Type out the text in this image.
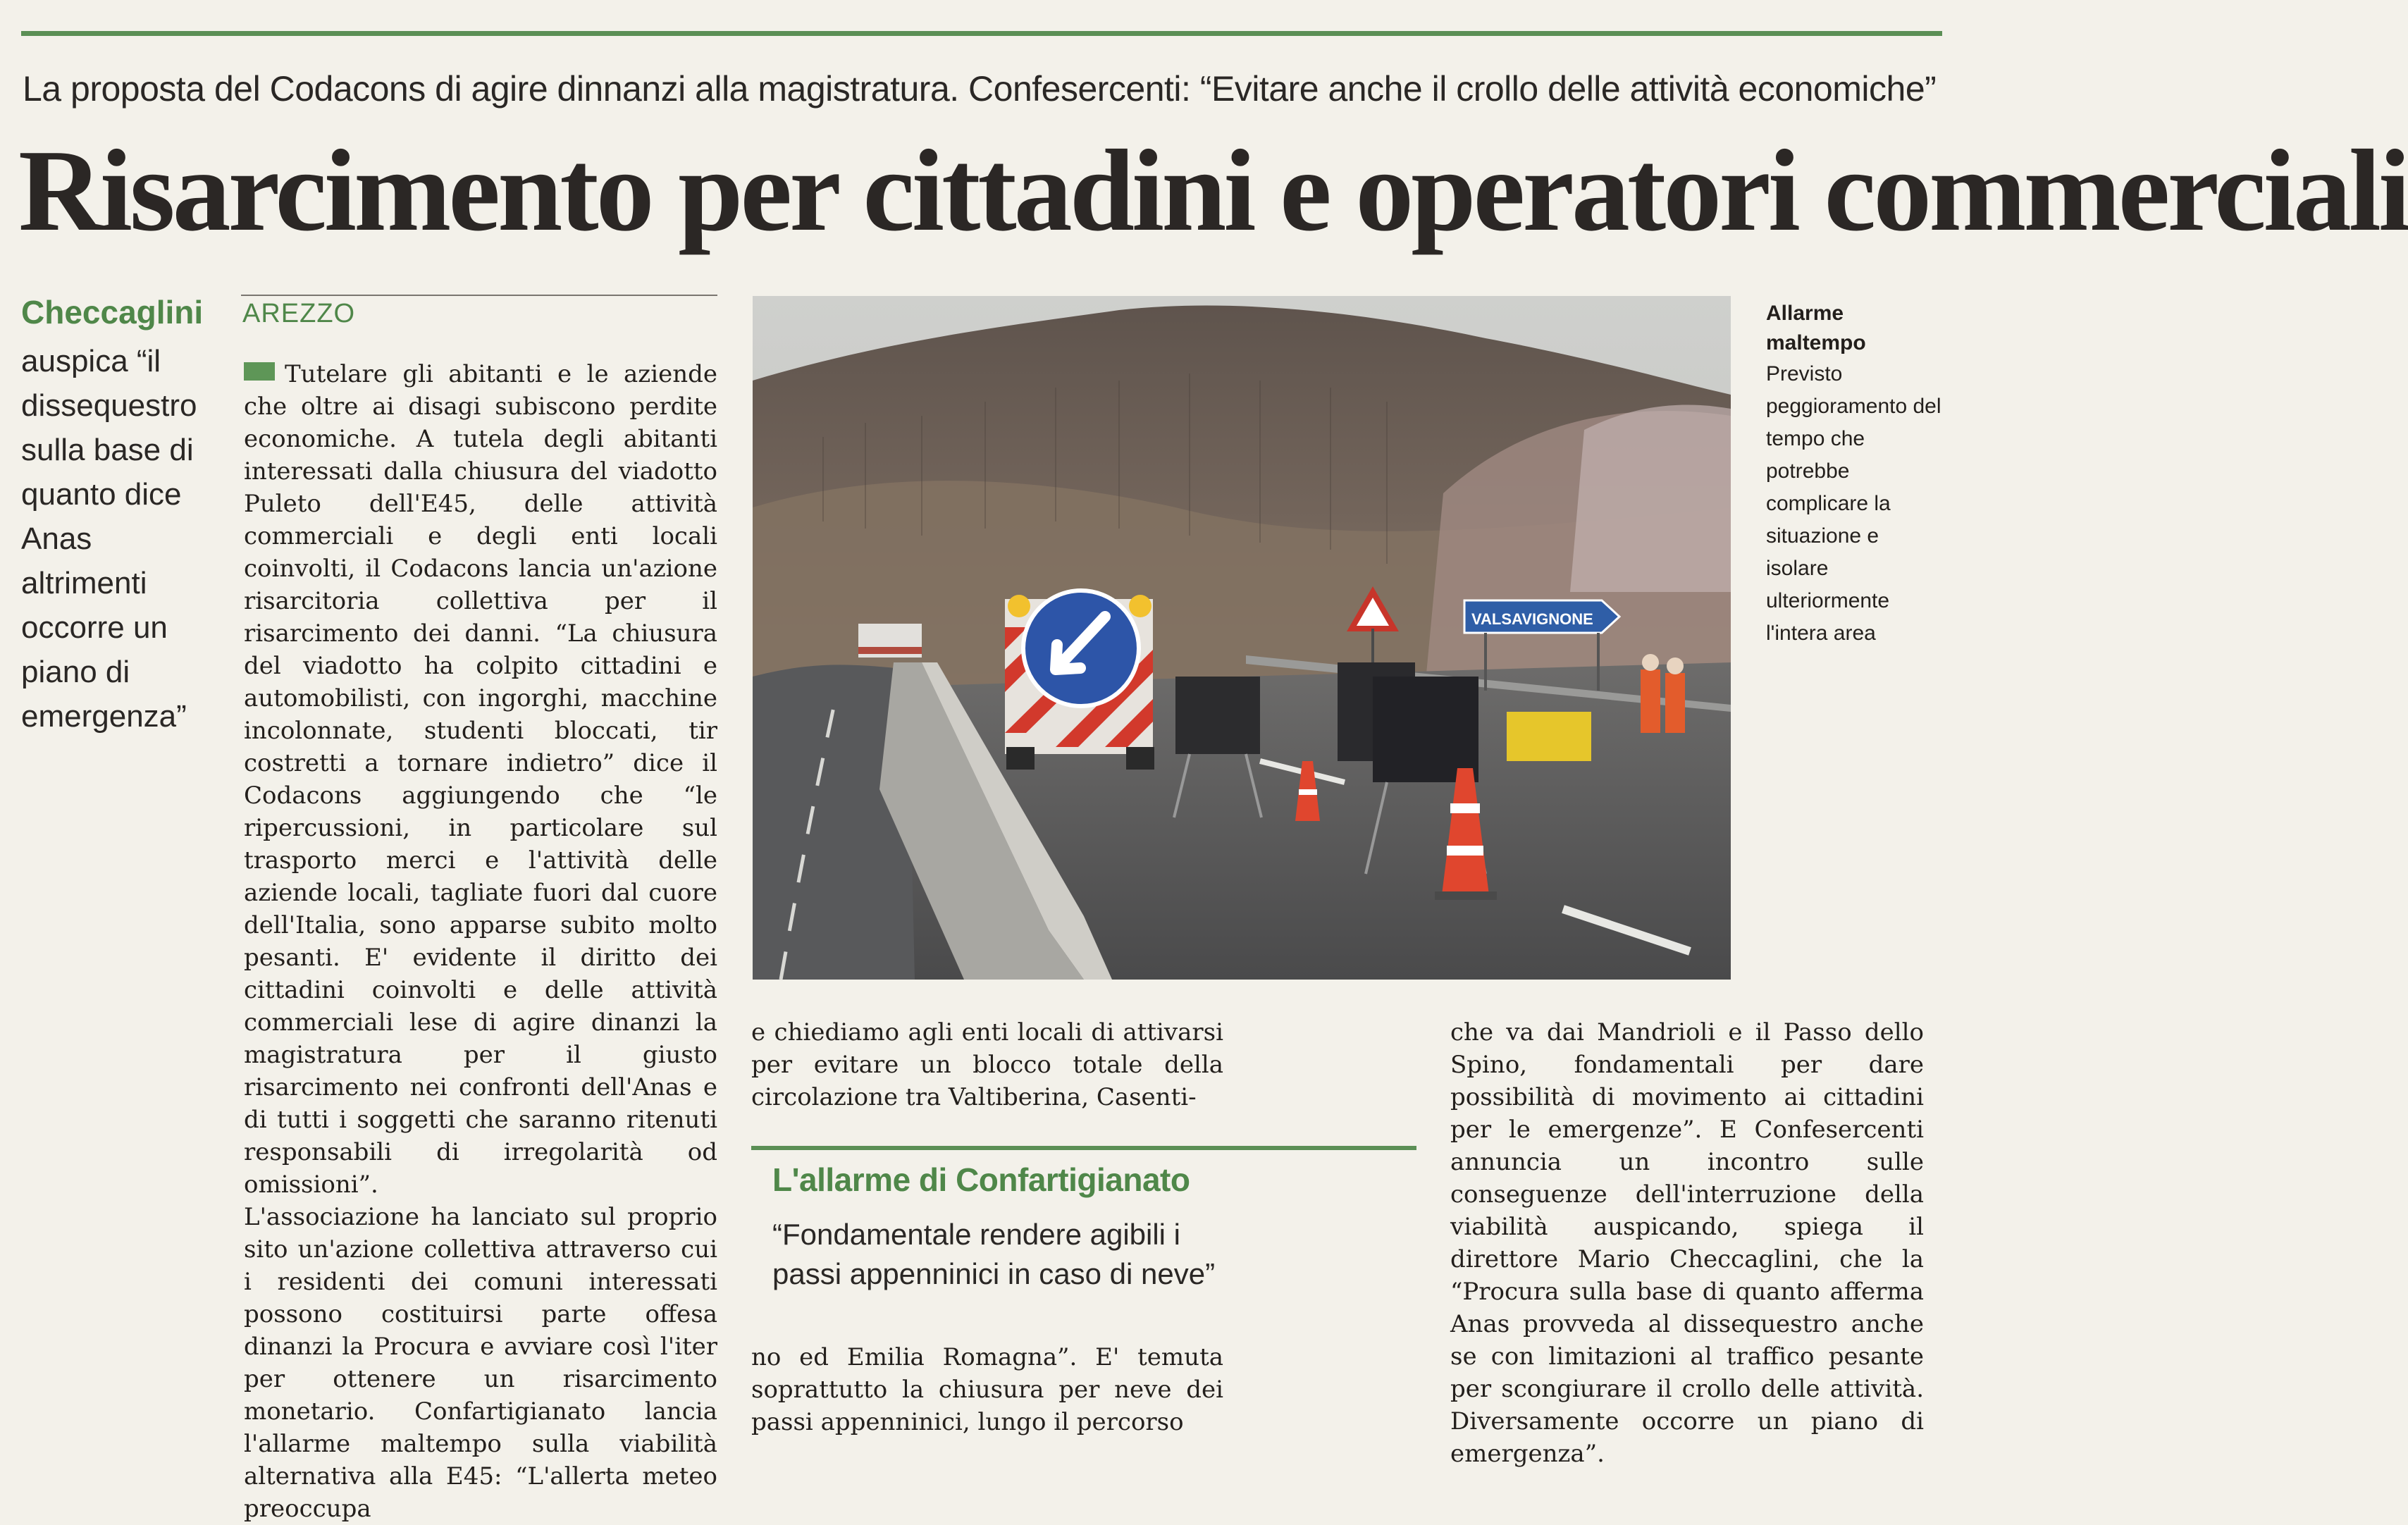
La proposta del Codacons di agire dinnanzi alla magistratura. Confesercenti: “Evitare anche il crollo delle attività economiche”
Risarcimento per cittadini e operatori commerciali
Checcaglini
auspica “il dissequestro sulla base di quanto dice Anas altrimenti occorre un piano di emergenza”
AREZZO

Tutelare gli abitanti e le aziende che oltre ai disagi subiscono perdite economiche. A tutela degli abitanti interessati dalla chiusura del viadotto Puleto dell'E45, delle attività commerciali e degli enti locali coinvolti, il Codacons lancia un'azione risarcitoria collettiva per il risarcimento dei danni. “La chiusura del viadotto ha colpito cittadini e automobilisti, con ingorghi, macchine incolonnate, studenti bloccati, tir costretti a tornare indietro” dice il Codacons aggiungendo che “le ripercussioni, in particolare sul trasporto merci e l'attività delle aziende locali, tagliate fuori dal cuore dell'Italia, sono apparse subito molto pesanti. E' evidente il diritto dei cittadini coinvolti e delle attività commerciali lese di agire dinanzi la magistratura per il giusto risarcimento nei confronti dell'Anas e di tutti i soggetti che saranno ritenuti responsabili di irregolarità od omissioni”.

L'associazione ha lanciato sul proprio sito un'azione collettiva attraverso cui i residenti dei comuni interessati possono costituirsi parte offesa dinanzi la Procura e avviare così l'iter per ottenere un risarcimento monetario. Confartigianato lancia l'allarme maltempo sulla viabilità alternativa alla E45: “L'allerta meteo preoccupa

VALSAVIGNONE
Allarme maltempo
Previsto peggioramento del tempo che potrebbe complicare la situazione e isolare ulteriormente l'intera area
e chiediamo agli enti locali di attivarsi per evitare un blocco totale della circolazione tra Valtiberina, Casenti-
L'allarme di Confartigianato
“Fondamentale rendere agibili i passi appenninici in caso di neve”
no ed Emilia Romagna”. E' temuta soprattutto la chiusura per neve dei passi appenninici, lungo il percorso
che va dai Mandrioli e il Passo dello Spino, fondamentali per dare possibilità di movimento ai cittadini per le emergenze”. E Confesercenti annuncia un incontro sulle conseguenze dell'interruzione della viabilità auspicando, spiega il direttore Mario Checcaglini, che la “Procura sulla base di quanto afferma Anas provveda al dissequestro anche se con limitazioni al traffico pesante per scongiurare il crollo delle attività. Diversamente occorre un piano di emergenza”.
